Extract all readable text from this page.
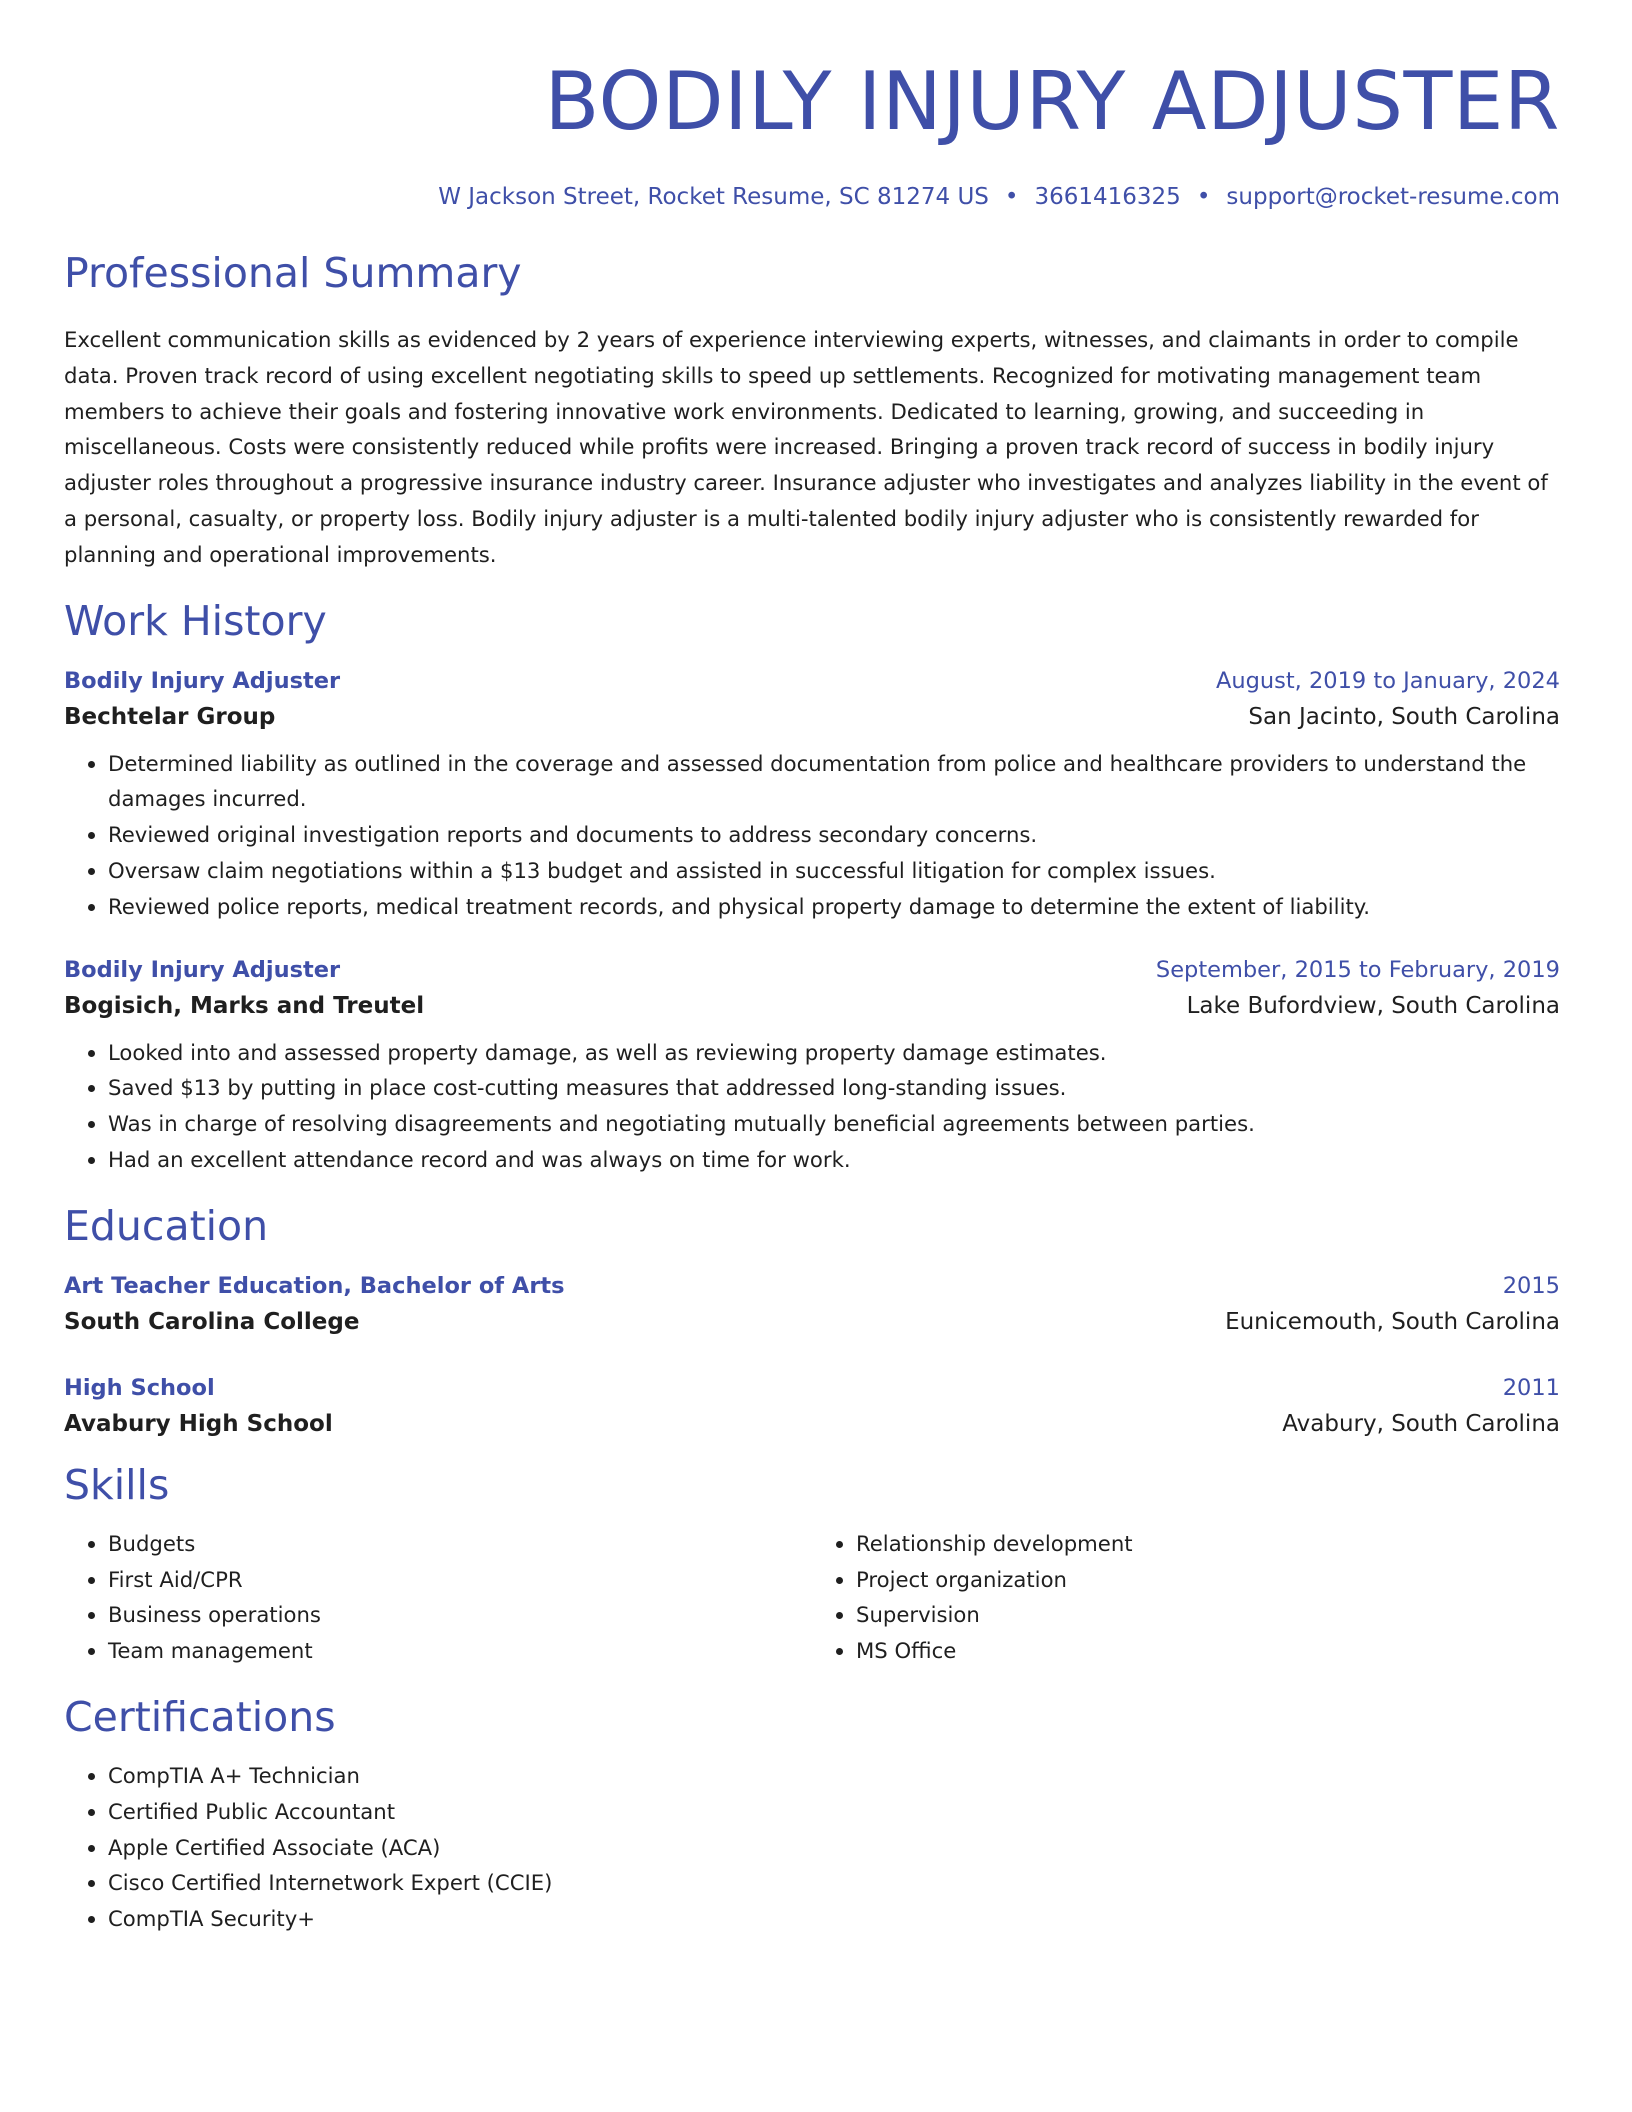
BODILY INJURY ADJUSTER
W Jackson Street, Rocket Resume, SC 81274 US • 3661416325 • support@rocket-resume.com
Professional Summary

Excellent communication skills as evidenced by 2 years of experience interviewing experts, witnesses, and claimants in order to compile data. Proven track record of using excellent negotiating skills to speed up settlements. Recognized for motivating management team members to achieve their goals and fostering innovative work environments. Dedicated to learning, growing, and succeeding in miscellaneous. Costs were consistently reduced while profits were increased. Bringing a proven track record of success in bodily injury adjuster roles throughout a progressive insurance industry career. Insurance adjuster who investigates and analyzes liability in the event of a personal, casualty, or property loss. Bodily injury adjuster is a multi-talented bodily injury adjuster who is consistently rewarded for planning and operational improvements.

Work History
Bodily Injury Adjuster	August, 2019 to January, 2024
Bechtelar Group	San Jacinto, South Carolina
• Determined liability as outlined in the coverage and assessed documentation from police and healthcare providers to understand the damages incurred.
• Reviewed original investigation reports and documents to address secondary concerns.
• Oversaw claim negotiations within a $13 budget and assisted in successful litigation for complex issues.
• Reviewed police reports, medical treatment records, and physical property damage to determine the extent of liability.
Bodily Injury Adjuster	September, 2015 to February, 2019
Bogisich, Marks and Treutel	Lake Bufordview, South Carolina
• Looked into and assessed property damage, as well as reviewing property damage estimates.
• Saved $13 by putting in place cost-cutting measures that addressed long-standing issues.
• Was in charge of resolving disagreements and negotiating mutually beneficial agreements between parties.
• Had an excellent attendance record and was always on time for work.
Education
Art Teacher Education, Bachelor of Arts	2015
South Carolina College	Eunicemouth, South Carolina
High School	2011
Avabury High School	Avabury, South Carolina
Skills
• Budgets
• First Aid/CPR
• Business operations
• Team management
• Relationship development
• Project organization
• Supervision
• MS Office
Certifications
• CompTIA A+ Technician
• Certified Public Accountant
• Apple Certified Associate (ACA)
• Cisco Certified Internetwork Expert (CCIE)
• CompTIA Security+
